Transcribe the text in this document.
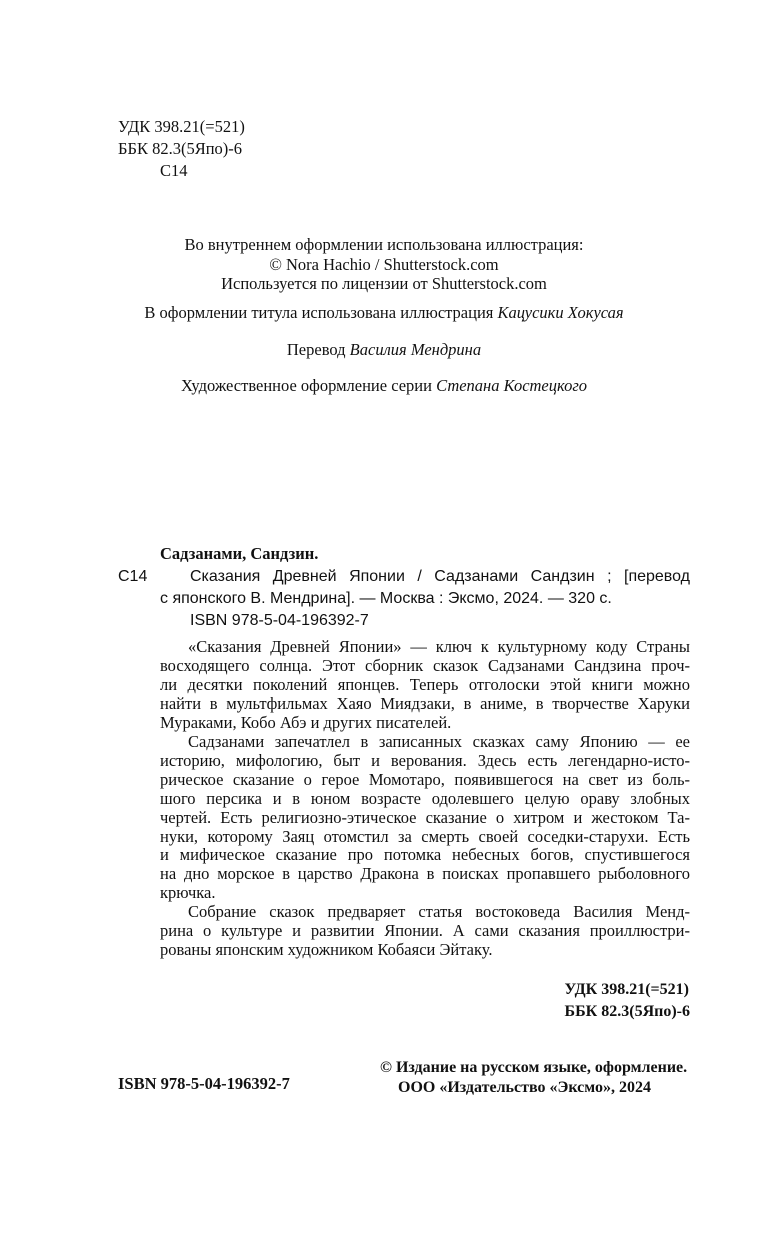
УДК 398.21(=521)
ББК 82.3(5Япо)-6
С14
Во внутреннем оформлении использована иллюстрация:
© Nora Hachio / Shutterstock.com
Используется по лицензии от Shutterstock.com
В оформлении титула использована иллюстрация Кацусики Хокусая
Перевод Василия Мендрина
Художественное оформление серии Степана Костецкого
Садзанами, Сандзин.
С14	Сказания Древней Японии / Садзанами Сандзин ; [перевод
с японского В. Мендрина]. — Москва : Эксмо, 2024. — 320 с.
ISBN 978-5-04-196392-7
«Сказания Древней Японии» — ключ к культурному коду Страны
восходящего солнца. Этот сборник сказок Садзанами Сандзина проч-
ли десятки поколений японцев. Теперь отголоски этой книги можно
найти в мультфильмах Хаяо Миядзаки, в аниме, в творчестве Харуки
Мураками, Кобо Абэ и других писателей.
Садзанами запечатлел в записанных сказках саму Японию — ее
историю, мифологию, быт и верования. Здесь есть легендарно-исто-
рическое сказание о герое Момотаро, появившегося на свет из боль-
шого персика и в юном возрасте одолевшего целую ораву злобных
чертей. Есть религиозно-этическое сказание о хитром и жестоком Та-
нуки, которому Заяц отомстил за смерть своей соседки-старухи. Есть
и мифическое сказание про потомка небесных богов, спустившегося
на дно морское в царство Дракона в поисках пропавшего рыболовного
крючка.
Собрание сказок предваряет статья востоковеда Василия Менд-
рина о культуре и развитии Японии. А сами сказания проиллюстри-
рованы японским художником Кобаяси Эйтаку.
УДК 398.21(=521)
ББК 82.3(5Япо)-6
ISBN 978-5-04-196392-7
© Издание на русском языке, оформление.
ООО «Издательство «Эксмо», 2024
